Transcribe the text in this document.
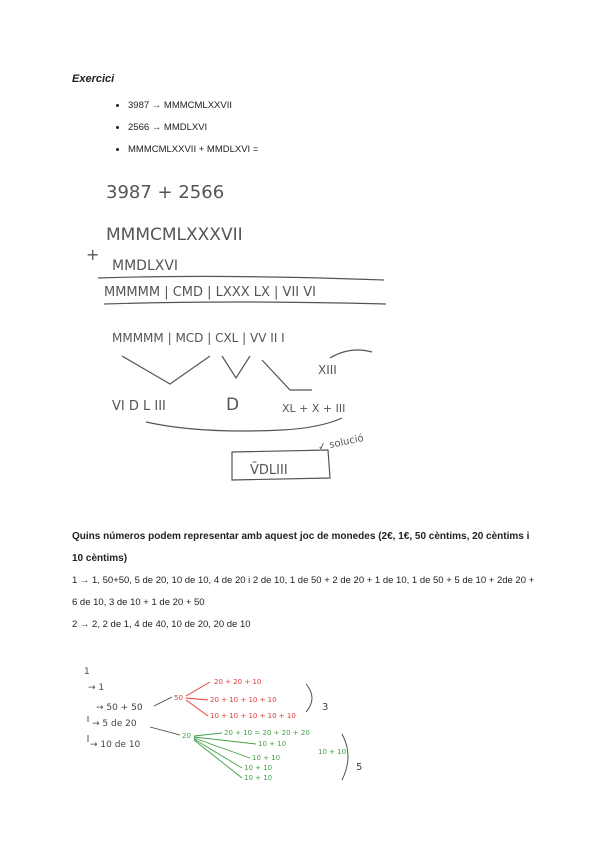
Exercici
• 3987 → MMMCMLXXVII
• 2566 → MMDLXVI
• MMMCMLXXVII + MMDLXVI =
3987 + 2566
MMMCMLXXXVII
+
MMDLXVI
MMMMM | CMD | LXXX LX | VII VI
MMMMM | MCD | CXL | VV II I
XIII
VI D L III	D	XL + X + III
✓ solució
V̄DLIII
Quins números podem representar amb aquest joc de monedes (2€, 1€, 50 cèntims, 20 cèntims i 10 cèntims)
1 → 1, 50+50, 5 de 20, 10 de 10, 4 de 20 i 2 de 10, 1 de 50 + 2 de 20 + 1 de 10, 1 de 50 + 5 de 10 + 2de 20 + 6 de 10, 3 de 10 + 1 de 20 + 50
2 → 2, 2 de 1, 4 de 40, 10 de 20, 20 de 10
1
→ 1
→ 50 + 50
→ 5 de 20
→ 10 de 10
50
20 + 20 + 10
20 + 10 + 10 + 10
10 + 10 + 10 + 10 + 10
3
20	20 + 10 = 20 + 20 + 20
10 + 10
10 + 10
10 + 10
10 + 10
10 + 10
5
